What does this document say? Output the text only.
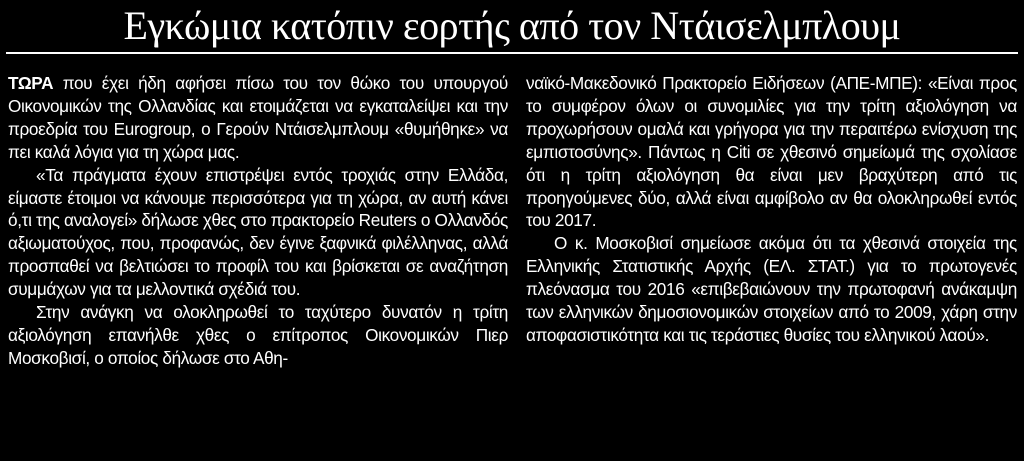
Εγκώμια κατόπιν εορτής από τον Ντάισελμπλουμ

ΤΩΡΑ που έχει ήδη αφήσει πίσω του τον θώκο του υπουργού Οικονομικών της Ολλανδίας και ετοιμάζεται να εγκαταλείψει και την προεδρία του Eurogroup, ο Γερούν Ντάισελμπλουμ «θυμήθηκε» να πει καλά λόγια για τη χώρα μας.

«Τα πράγματα έχουν επιστρέψει εντός τροχιάς στην Ελλάδα, είμαστε έτοιμοι να κάνουμε περισσότερα για τη χώρα, αν αυτή κάνει ό,τι της αναλογεί» δήλωσε χθες στο πρακτορείο Reuters ο Ολλανδός αξιωματούχος, που, προφανώς, δεν έγινε ξαφνικά φιλέλληνας, αλλά προσπαθεί να βελτιώσει το προφίλ του και βρίσκεται σε αναζήτηση συμμάχων για τα μελλοντικά σχέδιά του.

Στην ανάγκη να ολοκληρωθεί το ταχύτερο δυνατόν η τρίτη αξιολόγηση επανήλθε χθες ο επίτροπος Οικονομικών Πιερ Μοσκοβισί, ο οποίος δήλωσε στο Αθη-

ναϊκό-Μακεδονικό Πρακτορείο Ειδήσεων (ΑΠΕ-ΜΠΕ): «Είναι προς το συμφέρον όλων οι συνομιλίες για την τρίτη αξιολόγηση να προχωρήσουν ομαλά και γρήγορα για την περαιτέρω ενίσχυση της εμπιστοσύνης». Πάντως η Citi σε χθεσινό σημείωμά της σχολίασε ότι η τρίτη αξιολόγηση θα είναι μεν βραχύτερη από τις προηγούμενες δύο, αλλά είναι αμφίβολο αν θα ολοκληρωθεί εντός του 2017.

Ο κ. Μοσκοβισί σημείωσε ακόμα ότι τα χθεσινά στοιχεία της Ελληνικής Στατιστικής Αρχής (ΕΛ. ΣΤΑΤ.) για το πρωτογενές πλεόνασμα του 2016 «επιβεβαιώνουν την πρωτοφανή ανάκαμψη των ελληνικών δημοσιονομικών στοιχείων από το 2009, χάρη στην αποφασιστικότητα και τις τεράστιες θυσίες του ελληνικού λαού».
